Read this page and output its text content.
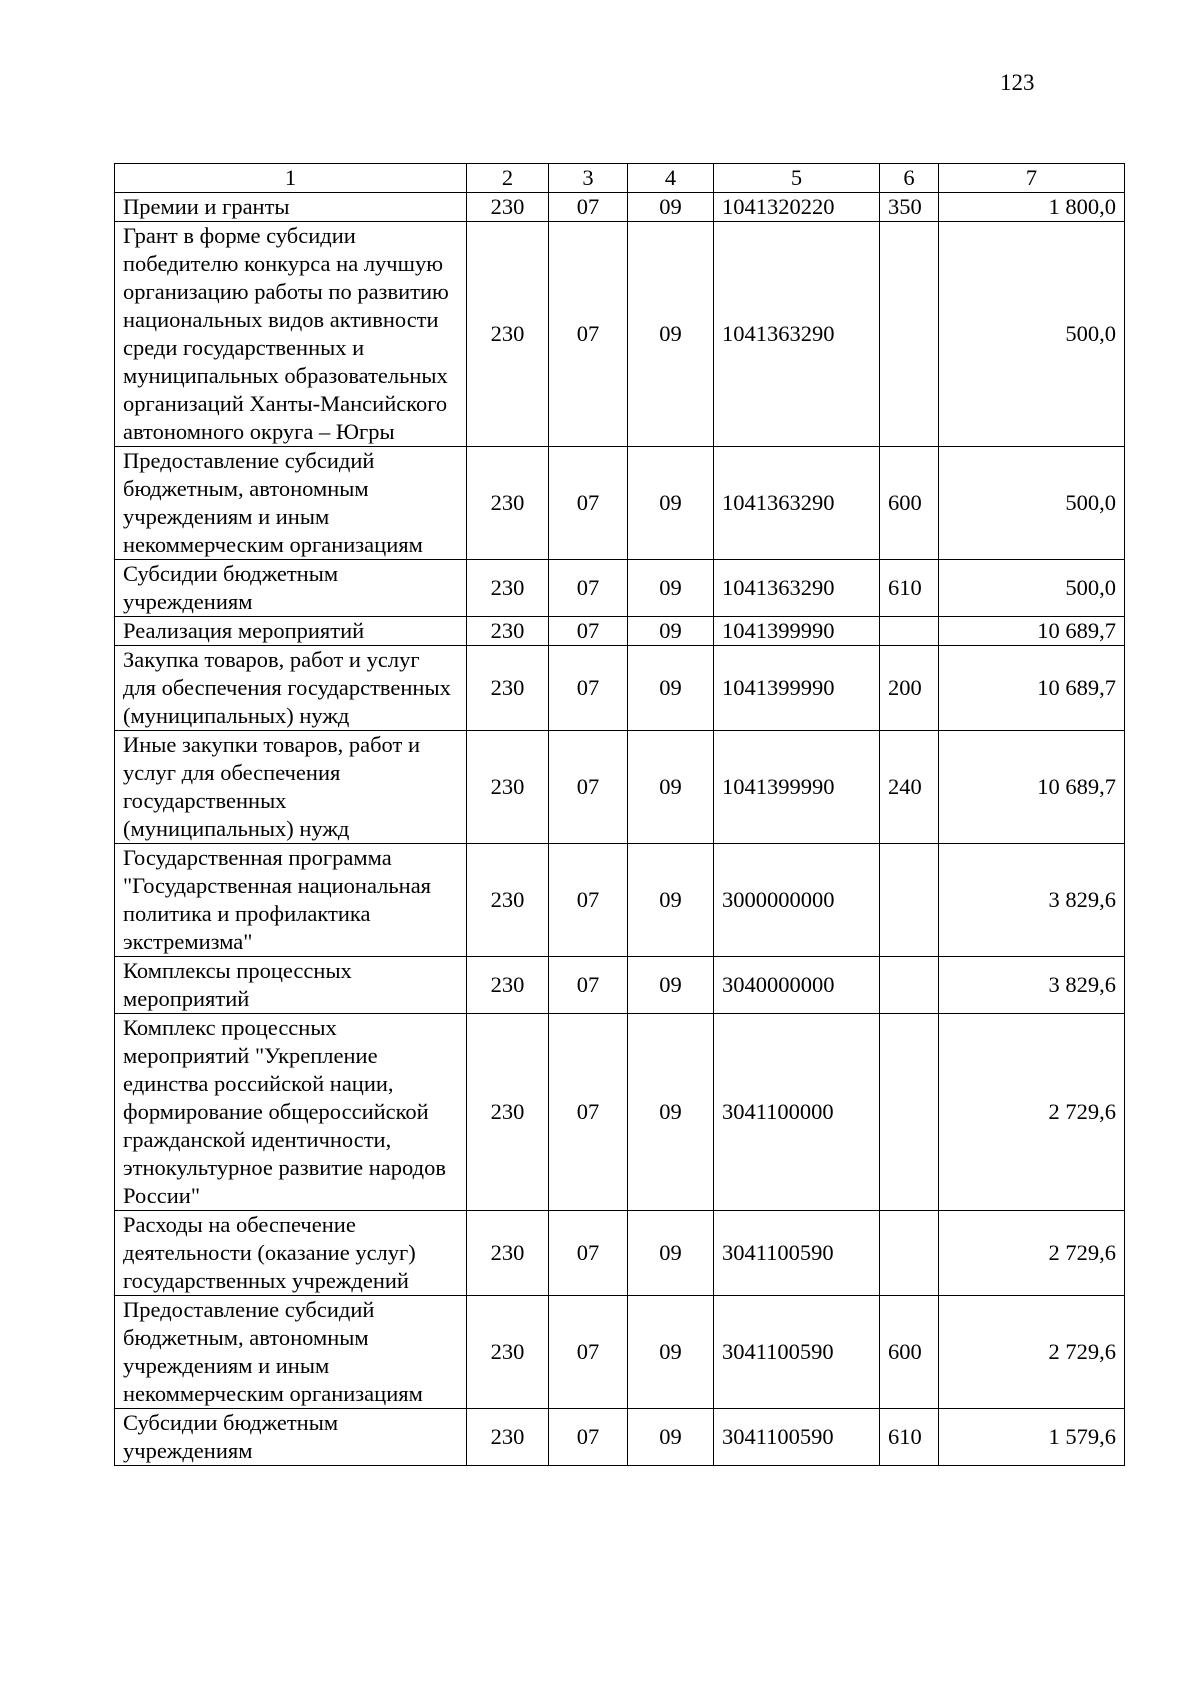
123
1	2	3	4	5	6	7
Премии и гранты	230	07	09	1041320220	350	1 800,0
Грант в форме субсидии победителю конкурса на лучшую организацию работы по развитию национальных видов активности среди государственных и муниципальных образовательных организаций Ханты-Мансийского автономного округа – Югры	230	07	09	1041363290		500,0
Предоставление субсидий бюджетным, автономным учреждениям и иным некоммерческим организациям	230	07	09	1041363290	600	500,0
Субсидии бюджетным учреждениям	230	07	09	1041363290	610	500,0
Реализация мероприятий	230	07	09	1041399990		10 689,7
Закупка товаров, работ и услуг для обеспечения государственных (муниципальных) нужд	230	07	09	1041399990	200	10 689,7
Иные закупки товаров, работ и услуг для обеспечения государственных (муниципальных) нужд	230	07	09	1041399990	240	10 689,7
Государственная программа "Государственная национальная политика и профилактика экстремизма"	230	07	09	3000000000		3 829,6
Комплексы процессных мероприятий	230	07	09	3040000000		3 829,6
Комплекс процессных мероприятий "Укрепление единства российской нации, формирование общероссийской гражданской идентичности, этнокультурное развитие народов России"	230	07	09	3041100000		2 729,6
Расходы на обеспечение деятельности (оказание услуг) государственных учреждений	230	07	09	3041100590		2 729,6
Предоставление субсидий бюджетным, автономным учреждениям и иным некоммерческим организациям	230	07	09	3041100590	600	2 729,6
Субсидии бюджетным учреждениям	230	07	09	3041100590	610	1 579,6
